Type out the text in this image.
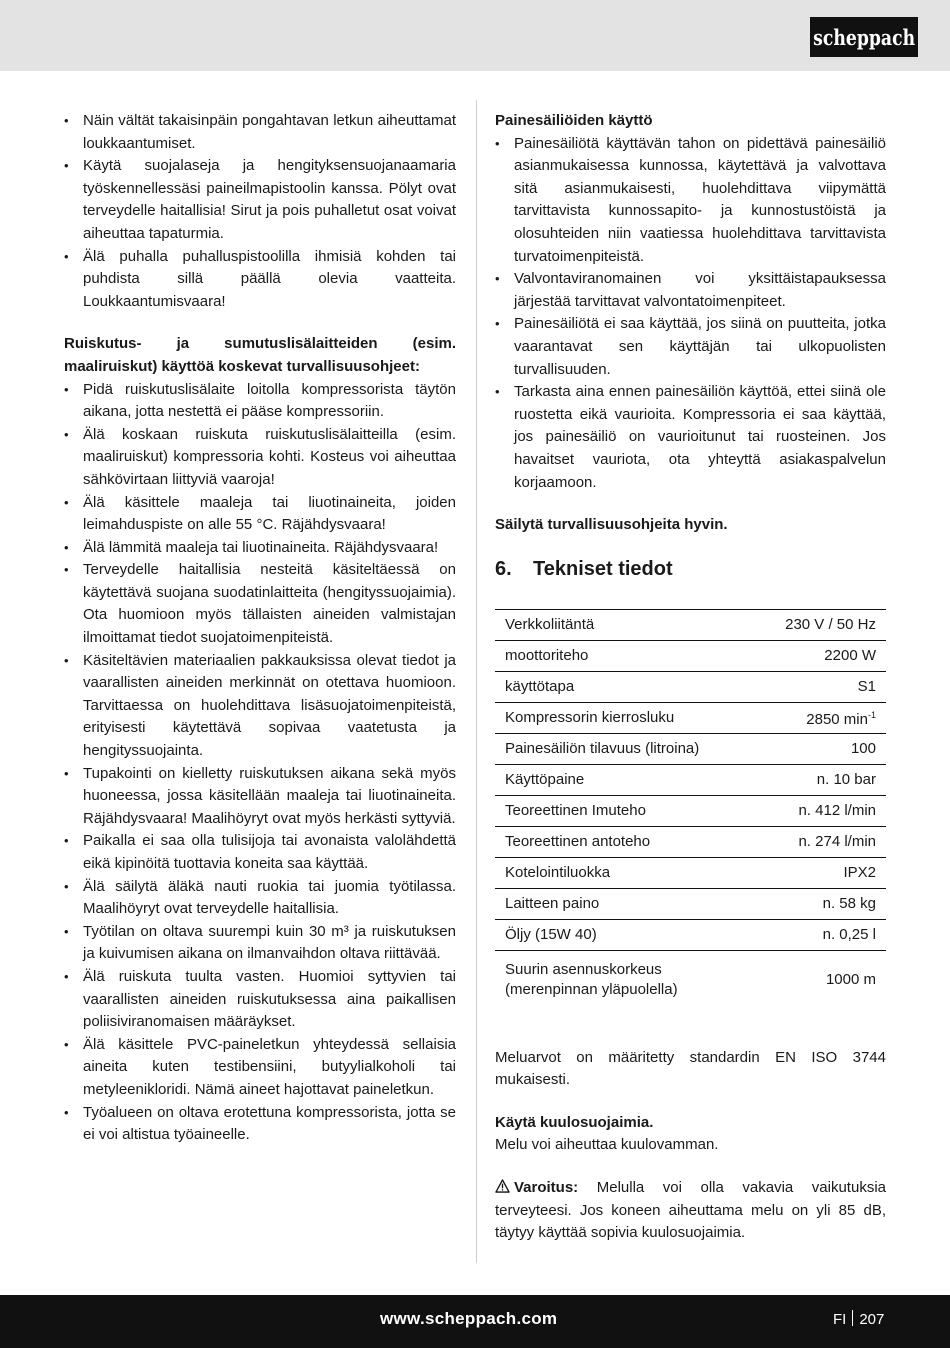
scheppach
• Näin vältät takaisinpäin pongahtavan letkun aiheuttamat loukkaantumiset.
• Käytä suojalaseja ja hengityksensuojanaamaria työskennellessäsi paineilmapistoolin kanssa. Pölyt ovat terveydelle haitallisia! Sirut ja pois puhalletut osat voivat aiheuttaa tapaturmia.
• Älä puhalla puhalluspistoolilla ihmisiä kohden tai puhdista sillä päällä olevia vaatteita. Loukkaantumisvaara!
Ruiskutus- ja sumutuslisälaitteiden (esim. maaliruiskut) käyttöä koskevat turvallisuusohjeet:
• Pidä ruiskutuslisälaite loitolla kompressorista täytön aikana, jotta nestettä ei pääse kompressoriin.
• Älä koskaan ruiskuta ruiskutuslisälaitteilla (esim. maaliruiskut) kompressoria kohti. Kosteus voi aiheuttaa sähkövirtaan liittyviä vaaroja!
• Älä käsittele maaleja tai liuotinaineita, joiden leimahduspiste on alle 55 °C. Räjähdysvaara!
• Älä lämmitä maaleja tai liuotinaineita. Räjähdysvaara!
• Terveydelle haitallisia nesteitä käsiteltäessä on käytettävä suojana suodatinlaitteita (hengityssuojaimia). Ota huomioon myös tällaisten aineiden valmistajan ilmoittamat tiedot suojatoimenpiteistä.
• Käsiteltävien materiaalien pakkauksissa olevat tiedot ja vaarallisten aineiden merkinnät on otettava huomioon. Tarvittaessa on huolehdittava lisäsuojatoimenpiteistä, erityisesti käytettävä sopivaa vaatetusta ja hengityssuojainta.
• Tupakointi on kielletty ruiskutuksen aikana sekä myös huoneessa, jossa käsitellään maaleja tai liuotinaineita. Räjähdysvaara! Maalihöyryt ovat myös herkästi syttyviä.
• Paikalla ei saa olla tulisijoja tai avonaista valolähdettä eikä kipinöitä tuottavia koneita saa käyttää.
• Älä säilytä äläkä nauti ruokia tai juomia työtilassa. Maalihöyryt ovat terveydelle haitallisia.
• Työtilan on oltava suurempi kuin 30 m³ ja ruiskutuksen ja kuivumisen aikana on ilmanvaihdon oltava riittävää.
• Älä ruiskuta tuulta vasten. Huomioi syttyvien tai vaarallisten aineiden ruiskutuksessa aina paikallisen poliisiviranomaisen määräykset.
• Älä käsittele PVC-paineletkun yhteydessä sellaisia aineita kuten testibensiini, butyylialkoholi tai metyleenikloridi. Nämä aineet hajottavat paineletkun.
• Työalueen on oltava erotettuna kompressorista, jotta se ei voi altistua työaineelle.
Painesäiliöiden käyttö
• Painesäiliötä käyttävän tahon on pidettävä painesäiliö asianmukaisessa kunnossa, käytettävä ja valvottava sitä asianmukaisesti, huolehdittava viipymättä tarvittavista kunnossapito- ja kunnostustöistä ja olosuhteiden niin vaatiessa huolehdittava tarvittavista turvatoimenpiteistä.
• Valvontaviranomainen voi yksittäistapauksessa järjestää tarvittavat valvontatoimenpiteet.
• Painesäiliötä ei saa käyttää, jos siinä on puutteita, jotka vaarantavat sen käyttäjän tai ulkopuolisten turvallisuuden.
• Tarkasta aina ennen painesäiliön käyttöä, ettei siinä ole ruostetta eikä vaurioita. Kompressoria ei saa käyttää, jos painesäiliö on vaurioitunut tai ruosteinen. Jos havaitset vauriota, ota yhteyttä asiakaspalvelun korjaamoon.
Säilytä turvallisuusohjeita hyvin.
6. Tekniset tiedot
Verkkoliitäntä	230 V / 50 Hz
moottoriteho	2200 W
käyttötapa	S1
Kompressorin kierrosluku	2850 $\min^{-1}$
Painesäiliön tilavuus (litroina)	100
Käyttöpaine	n. 10 bar
Teoreettinen Imuteho	n. 412 l/min
Teoreettinen antoteho	n. 274 l/min
Kotelointiluokka	IPX2
Laitteen paino	n. 58 kg
Öljy (15W 40)	n. 0,25 l
Suurin asennuskorkeus
(merenpinnan yläpuolella)	1000 m
Meluarvot on määritetty standardin EN ISO 3744 mukaisesti.
Käytä kuulosuojaimia.
Melu voi aiheuttaa kuulovamman.
Varoitus: Melulla voi olla vakavia vaikutuksia terveyteesi. Jos koneen aiheuttama melu on yli 85 dB, täytyy käyttää sopivia kuulosuojaimia.
www.scheppach.com	FI 207
